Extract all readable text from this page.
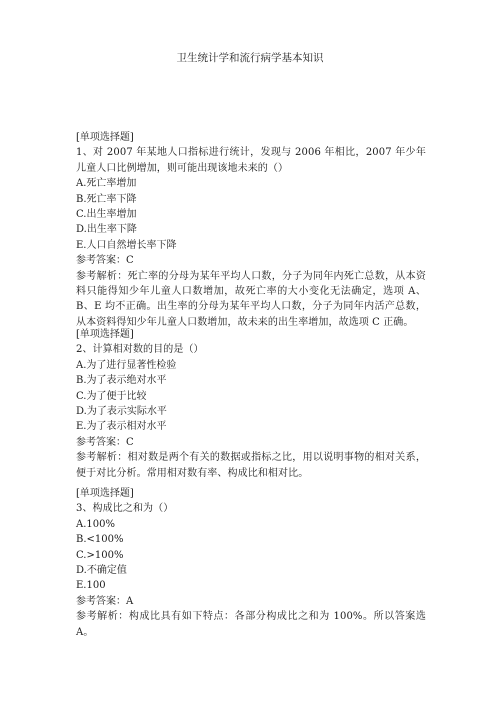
卫生统计学和流行病学基本知识
[单项选择题]
1、对 2007 年某地人口指标进行统计，发现与 2006 年相比，2007 年少年儿童人口比例增加，则可能出现该地未来的（）
A.死亡率增加
B.死亡率下降
C.出生率增加
D.出生率下降
E.人口自然增长率下降
参考答案：C
参考解析：死亡率的分母为某年平均人口数，分子为同年内死亡总数，从本资料只能得知少年儿童人口数增加，故死亡率的大小变化无法确定，选项 A、B、E 均不正确。出生率的分母为某年平均人口数，分子为同年内活产总数，从本资料得知少年儿童人口数增加，故未来的出生率增加，故选项 C 正确。
[单项选择题]
2、计算相对数的目的是（）
A.为了进行显著性检验
B.为了表示绝对水平
C.为了便于比较
D.为了表示实际水平
E.为了表示相对水平
参考答案：C
参考解析：相对数是两个有关的数据或指标之比，用以说明事物的相对关系，便于对比分析。常用相对数有率、构成比和相对比。
[单项选择题]
3、构成比之和为（）
A.100%
B.<100%
C.>100%
D.不确定值
E.100
参考答案：A
参考解析：构成比具有如下特点：各部分构成比之和为 100%。所以答案选 A。
